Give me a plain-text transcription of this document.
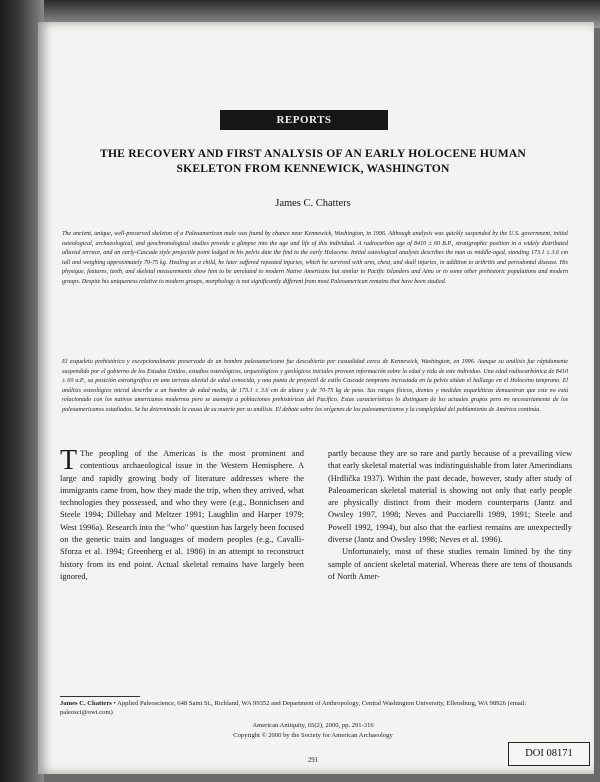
REPORTS
THE RECOVERY AND FIRST ANALYSIS OF AN EARLY HOLOCENE HUMAN SKELETON FROM KENNEWICK, WASHINGTON
James C. Chatters
The ancient, unique, well-preserved skeleton of a Paleoamerican male was found by chance near Kennewick, Washington, in 1996. Although analysis was quickly suspended by the U.S. government, initial osteological, archaeological, and geochronological studies provide a glimpse into the age and life of this individual. A radiocarbon age of 8410 ± 60 B.P., stratigraphic position in a widely distributed alluvial terrace, and an early-Cascade style projectile point lodged in his pelvis date the find to the early Holocene. Initial osteological analysis describes the man as middle-aged, standing 173.1 ± 3.6 cm tall and weighing approximately 70-75 kg. Healing as a child, he later suffered repeated injuries, which he survived with arm, chest, and skull injuries, in addition to arthritis and periodontal disease. His physique, features, teeth, and skeletal measurements show him to be unrelated to modern Native Americans but similar to Pacific Islanders and Ainu or to some other prehistoric populations and modern groups. Despite his uniqueness relative to modern groups, morphology is not significantly different from most Paleoamerican remains that have been studied.
El esqueleto prehistórico y excepcionalmente preservado de un hombre paleoamericano fue descubierto por casualidad cerca de Kennewick, Washington, en 1996. Aunque su análisis fue rápidamente suspendido por el gobierno de los Estados Unidos, estudios osteológicos, arqueológicos y geológicos iniciales proveen información sobre la edad y vida de este individuo. Una edad radiocarbónica de 8410 ± 60 a.P., su posición estratigráfica en una terraza aluvial de edad conocida, y una punta de proyectil de estilo Cascade temprano incrustada en la pelvis sitúan el hallazgo en el Holoceno temprano. El análisis osteológico inicial describe a un hombre de edad media, de 173.1 ± 3.6 cm de altura y de 70-75 kg de peso. Sus rasgos físicos, dientes y medidas esqueléticas demuestran que este no está relacionado con los nativos americanos modernos pero se asemeja a poblaciones prehistóricas del Pacífico. Estas características lo distinguen de los actuales grupos pero no necesariamente de los paleoamericanos estudiados. Se ha determinado la causa de su muerte por su análisis. El debate sobre los orígenes de los paleoamericanos y la complejidad del poblamiento de América continúa.

T The peopling of the Americas is the most prominent and contentious archaeological issue in the Western Hemisphere. A large and rapidly growing body of literature addresses where the immigrants came from, how they made the trip, when they arrived, what technologies they possessed, and who they were (e.g., Bonnichsen and Steele 1994; Dillehay and Meltzer 1991; Laughlin and Harper 1979; West 1996a). Research into the "who" question has largely been focused on the genetic traits and languages of modern peoples (e.g., Cavalli-Sforza et al. 1994; Greenberg et al. 1986) in an attempt to reconstruct history from its end point. Actual skeletal remains have largely been ignored,

partly because they are so rare and partly because of a prevailing view that early skeletal material was indistinguishable from later Amerindians (Hrdlička 1937). Within the past decade, however, study after study of Paleoamerican skeletal material is showing not only that early people are physically distinct from their modern counterparts (Jantz and Owsley 1997, 1998; Neves and Pucciarelli 1989, 1991; Steele and Powell 1992, 1994), but also that the earliest remains are unexpectedly diverse (Jantz and Owsley 1998; Neves et al. 1996).

Unfortunately, most of these studies remain limited by the tiny sample of ancient skeletal material. Whereas there are tens of thousands of North Amer-

James C. Chatters • Applied Paleoscience, 648 Saint St., Richland, WA 99352 and Department of Anthropology, Central Washington University, Ellensburg, WA 98926 (email: paleosci@owt.com)
American Antiquity, 65(2), 2000, pp. 291-316
Copyright © 2000 by the Society for American Archaeology
291
DOI 08171
